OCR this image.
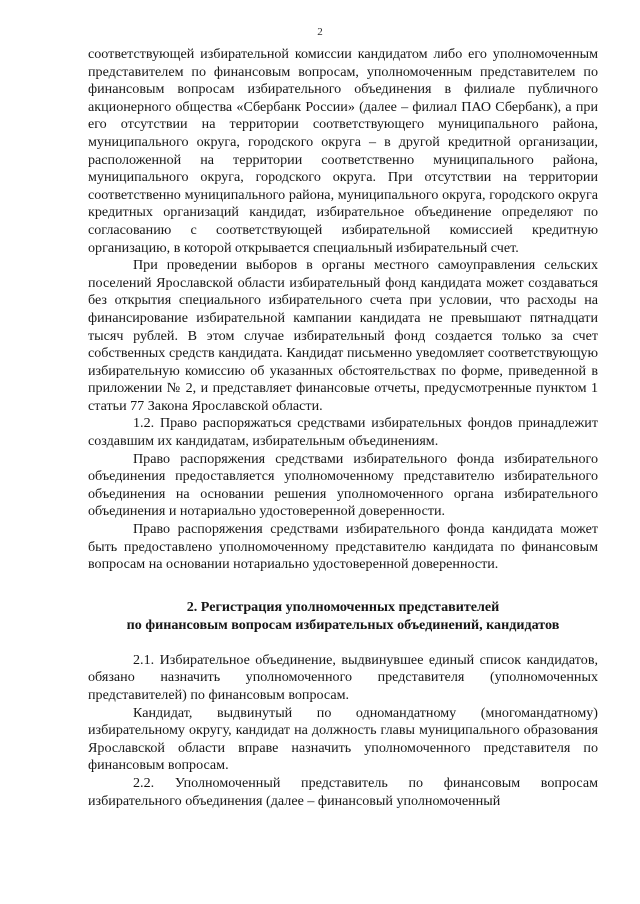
2

соответствующей избирательной комиссии кандидатом либо его уполномоченным представителем по финансовым вопросам, уполномоченным представителем по финансовым вопросам избирательного объединения в филиале публичного акционерного общества «Сбербанк России» (далее – филиал ПАО Сбербанк), а при его отсутствии на территории соответствующего муниципального района, муниципального округа, городского округа – в другой кредитной организации, расположенной на территории соответственно муниципального района, муниципального округа, городского округа. При отсутствии на территории соответственно муниципального района, муниципального округа, городского округа кредитных организаций кандидат, избирательное объединение определяют по согласованию с соответствующей избирательной комиссией кредитную организацию, в которой открывается специальный избирательный счет.

При проведении выборов в органы местного самоуправления сельских поселений Ярославской области избирательный фонд кандидата может создаваться без открытия специального избирательного счета при условии, что расходы на финансирование избирательной кампании кандидата не превышают пятнадцати тысяч рублей. В этом случае избирательный фонд создается только за счет собственных средств кандидата. Кандидат письменно уведомляет соответствующую избирательную комиссию об указанных обстоятельствах по форме, приведенной в приложении № 2, и представляет финансовые отчеты, предусмотренные пунктом 1 статьи 77 Закона Ярославской области.

1.2. Право распоряжаться средствами избирательных фондов принадлежит создавшим их кандидатам, избирательным объединениям.

Право распоряжения средствами избирательного фонда избирательного объединения предоставляется уполномоченному представителю избирательного объединения на основании решения уполномоченного органа избирательного объединения и нотариально удостоверенной доверенности.

Право распоряжения средствами избирательного фонда кандидата может быть предоставлено уполномоченному представителю кандидата по финансовым вопросам на основании нотариально удостоверенной доверенности.

2. Регистрация уполномоченных представителей
по финансовым вопросам избирательных объединений, кандидатов

2.1. Избирательное объединение, выдвинувшее единый список кандидатов, обязано назначить уполномоченного представителя (уполномоченных представителей) по финансовым вопросам.

Кандидат, выдвинутый по одномандатному (многомандатному) избирательному округу, кандидат на должность главы муниципального образования Ярославской области вправе назначить уполномоченного представителя по финансовым вопросам.

2.2. Уполномоченный представитель по финансовым вопросам избирательного объединения (далее – финансовый уполномоченный
